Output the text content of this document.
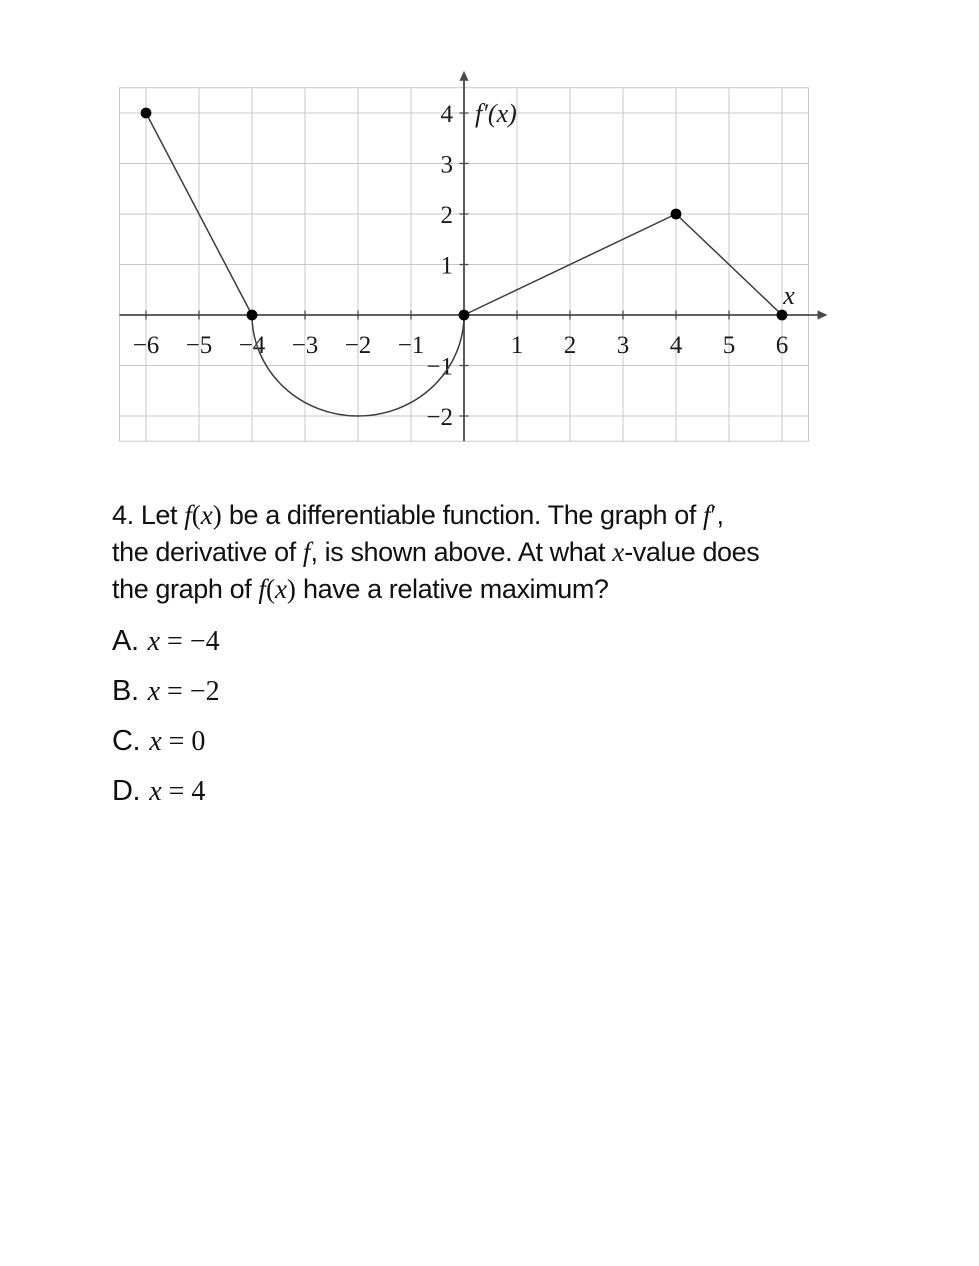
−6 −5 −4 −3 −2 −1	1 2 3 4 5 6
4
3
2
1
−1
−2
f′(x)
x
4. Let f(x) be a differentiable function. The graph of f′,
the derivative of f, is shown above. At what x-value does
the graph of f(x) have a relative maximum?
A. x = −4
B. x = −2
C. x = 0
D. x = 4
